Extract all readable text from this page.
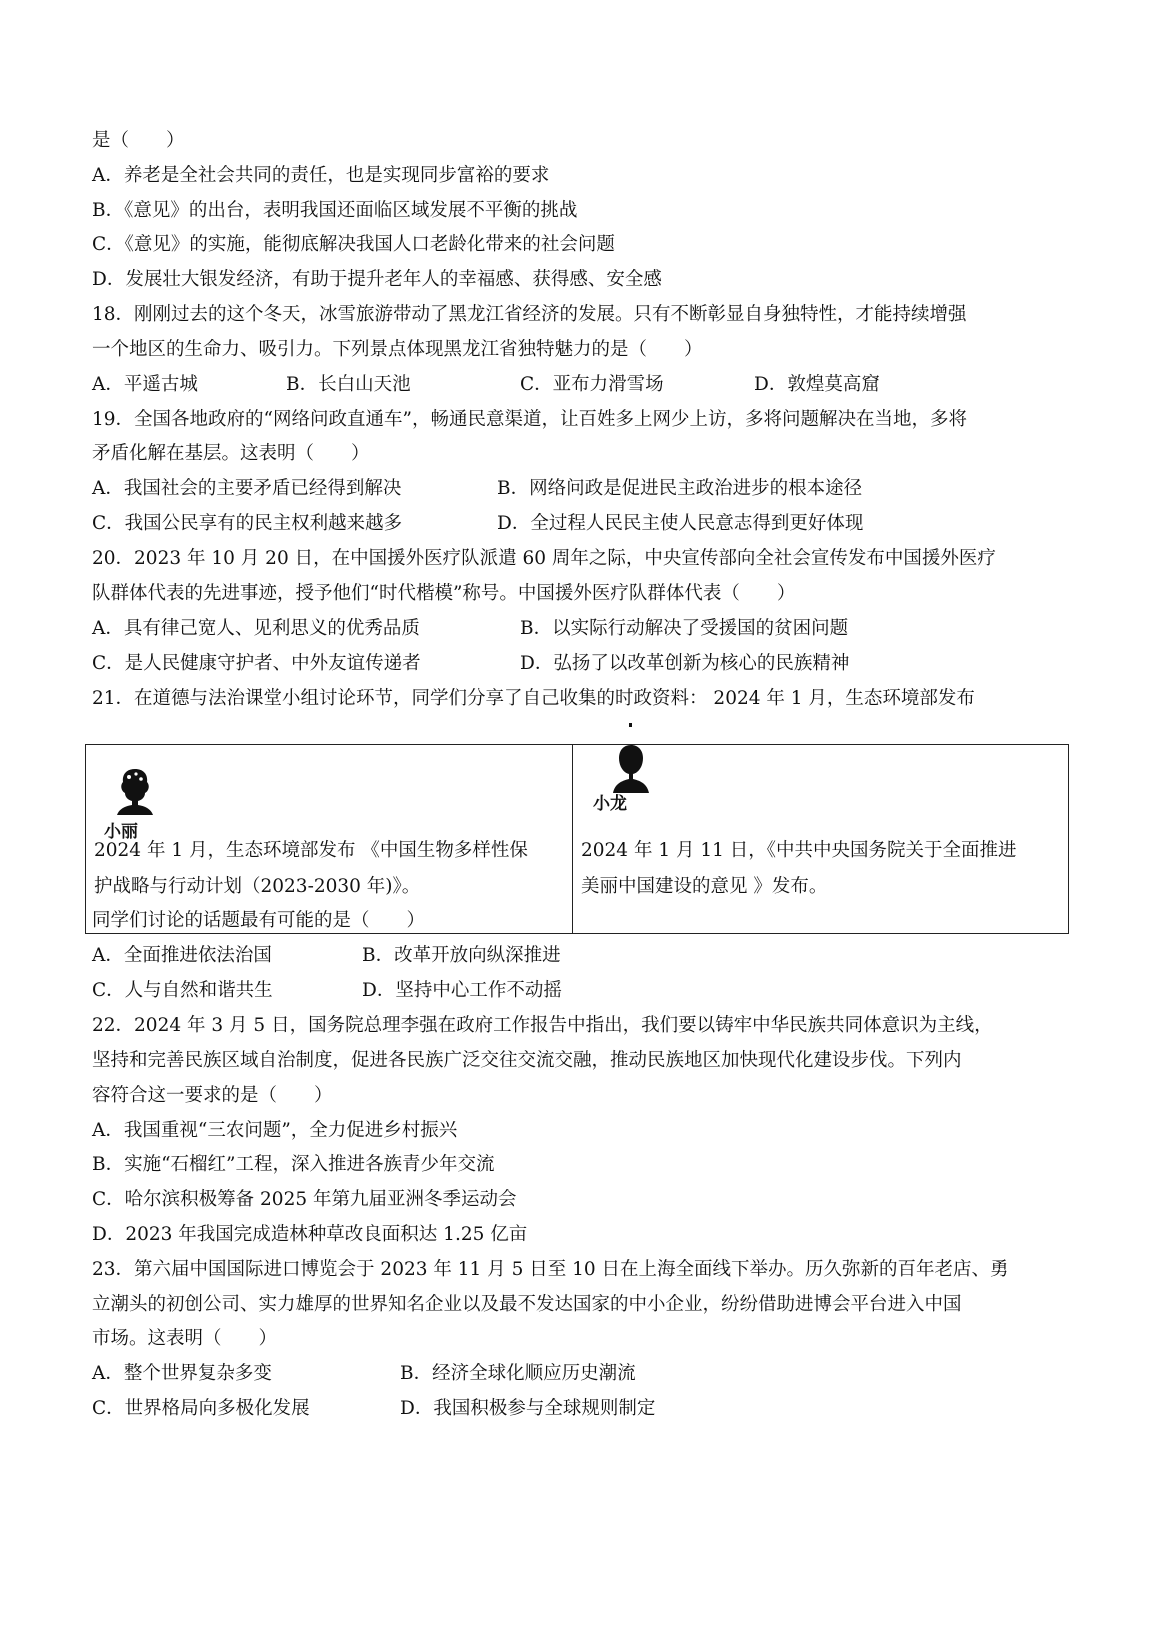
是（　　）
A．养老是全社会共同的责任，也是实现同步富裕的要求
B．《意见》的出台，表明我国还面临区域发展不平衡的挑战
C．《意见》的实施，能彻底解决我国人口老龄化带来的社会问题
D．发展壮大银发经济，有助于提升老年人的幸福感、获得感、安全感
18．刚刚过去的这个冬天，冰雪旅游带动了黑龙江省经济的发展。只有不断彰显自身独特性，才能持续增强
一个地区的生命力、吸引力。下列景点体现黑龙江省独特魅力的是（　　）
A．平遥古城	B．长白山天池	C．亚布力滑雪场	D．敦煌莫高窟
19．全国各地政府的“网络问政直通车”，畅通民意渠道，让百姓多上网少上访，多将问题解决在当地，多将
矛盾化解在基层。这表明（　　）
A．我国社会的主要矛盾已经得到解决	B．网络问政是促进民主政治进步的根本途径
C．我国公民享有的民主权利越来越多	D．全过程人民民主使人民意志得到更好体现
20．2023 年 10 月 20 日，在中国援外医疗队派遣 60 周年之际，中央宣传部向全社会宣传发布中国援外医疗
队群体代表的先进事迹，授予他们“时代楷模”称号。中国援外医疗队群体代表（　　）
A．具有律己宽人、见利思义的优秀品质	B．以实际行动解决了受援国的贫困问题
C．是人民健康守护者、中外友谊传递者	D．弘扬了以改革创新为核心的民族精神
21．在道德与法治课堂小组讨论环节，同学们分享了自己收集的时政资料： 2024 年 1 月，生态环境部发布
小丽
2024 年 1 月，生态环境部发布 《中国生物多样性保
护战略与行动计划（2023-2030 年)》。
小龙
2024 年 1 月 11 日，《中共中央国务院关于全面推进
美丽中国建设的意见 》发布。
同学们讨论的话题最有可能的是（　　）
A．全面推进依法治国	B．改革开放向纵深推进
C．人与自然和谐共生	D．坚持中心工作不动摇
22．2024 年 3 月 5 日，国务院总理李强在政府工作报告中指出，我们要以铸牢中华民族共同体意识为主线，
坚持和完善民族区域自治制度，促进各民族广泛交往交流交融，推动民族地区加快现代化建设步伐。下列内
容符合这一要求的是（　　）
A．我国重视“三农问题”，全力促进乡村振兴
B．实施“石榴红”工程，深入推进各族青少年交流
C．哈尔滨积极筹备 2025 年第九届亚洲冬季运动会
D．2023 年我国完成造林种草改良面积达 1.25 亿亩
23．第六届中国国际进口博览会于 2023 年 11 月 5 日至 10 日在上海全面线下举办。历久弥新的百年老店、勇
立潮头的初创公司、实力雄厚的世界知名企业以及最不发达国家的中小企业，纷纷借助进博会平台进入中国
市场。这表明（　　）
A．整个世界复杂多变	B．经济全球化顺应历史潮流
C．世界格局向多极化发展	D．我国积极参与全球规则制定
